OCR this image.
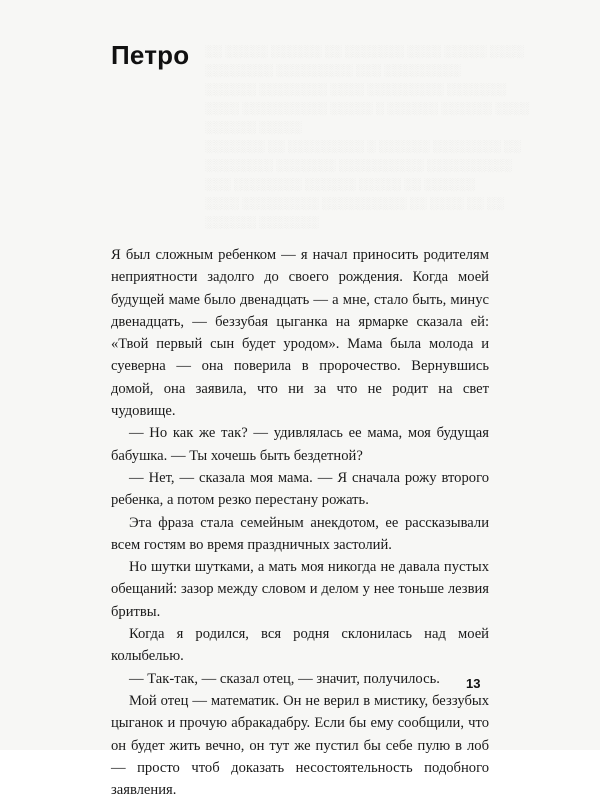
░░ ░░░░░ ░░░░░░ ░░ ░░░░░░░ ░░░░ ░░░░░ ░░░░
░░░░░░░░ ░░░░░░░░░ ░░░ ░░░░░░░░░
░░░░░░ ░░░░░░░░ ░░░░ ░░░░░░░░░ ░░░░░░░
░░░░ ░░░░░░░░░░ ░░░░░ ░ ░░░░░░ ░░░░░░ ░░░░
░░░░░░ ░░░░░
░░░░░░░ ░░ ░░░░░░░░░ ░ ░░░░░░ ░░░░░░░░ ░░
░░░░░░░░ ░░░░░░░ ░░░░░░░░░░ ░░░░░░░░░░
░░░ ░░░░░░░░ ░░░░░░ ░░░░░ ░░ ░░░░░░
░░░░ ░░░░░░░░░ ░░░░░░░░░░ ░░ ░░░░ ░░ ░░
░░░░░░ ░░░░░░░
Петро

Я был сложным ребенком — я начал приносить родителям неприятности задолго до своего рождения. Когда моей будущей маме было двенадцать — а мне, стало быть, минус двенадцать, — беззубая цыганка на ярмарке сказала ей: «Твой первый сын будет уродом». Мама была молода и суеверна — она поверила в пророчество. Вернувшись домой, она заявила, что ни за что не родит на свет чудовище.

— Но как же так? — удивлялась ее мама, моя будущая бабушка. — Ты хочешь быть бездетной?

— Нет, — сказала моя мама. — Я сначала рожу второго ребенка, а потом резко перестану рожать.

Эта фраза стала семейным анекдотом, ее рассказывали всем гостям во время праздничных застолий.

Но шутки шутками, а мать моя никогда не давала пустых обещаний: зазор между словом и делом у нее тоньше лезвия бритвы.

Когда я родился, вся родня склонилась над моей колыбелью.

— Так-так, — сказал отец, — значит, получилось.

Мой отец — математик. Он не верил в мистику, беззубых цыганок и прочую абракадабру. Если бы ему сообщили, что он будет жить вечно, он тут же пустил бы себе пулю в лоб — просто чтоб доказать несостоятельность подобного заявления.

13
